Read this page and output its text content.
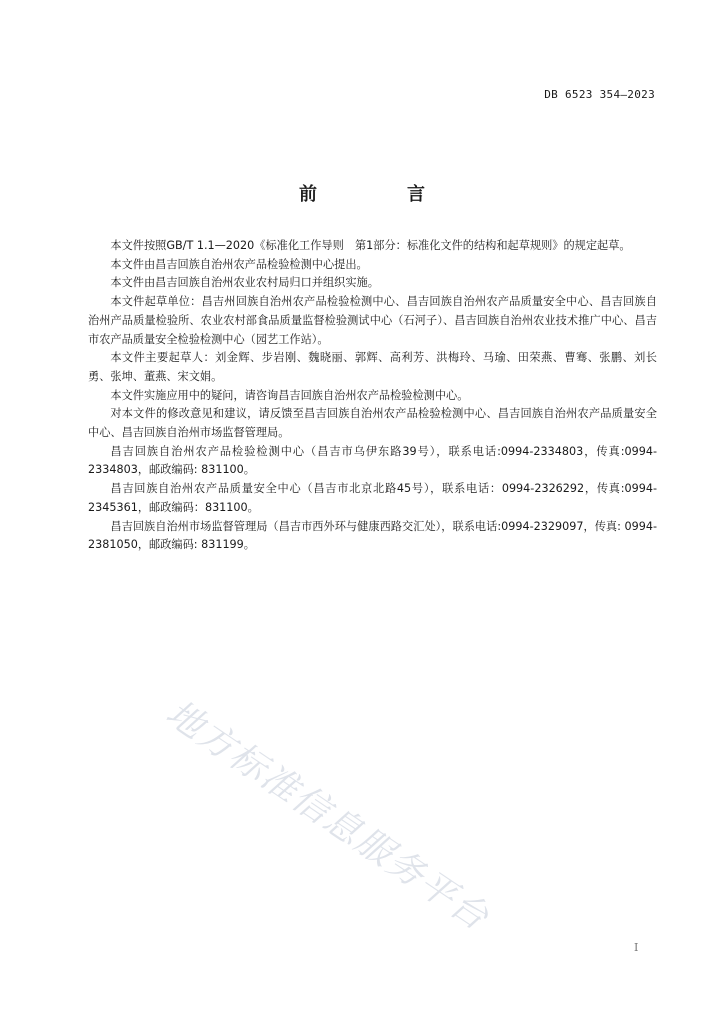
DB 6523 354—2023
前　言

本文件按照GB/T 1.1—2020《标准化工作导则　第1部分：标准化文件的结构和起草规则》的规定起草。

本文件由昌吉回族自治州农产品检验检测中心提出。

本文件由昌吉回族自治州农业农村局归口并组织实施。

本文件起草单位：昌吉州回族自治州农产品检验检测中心、昌吉回族自治州农产品质量安全中心、昌吉回族自治州产品质量检验所、农业农村部食品质量监督检验测试中心（石河子）、昌吉回族自治州农业技术推广中心、昌吉市农产品质量安全检验检测中心（园艺工作站）。

本文件主要起草人：刘金辉、步岩刚、魏晓丽、郭辉、高利芳、洪梅玲、马瑜、田荣燕、曹骞、张鹏、刘长勇、张坤、董燕、宋文娟。

本文件实施应用中的疑问，请咨询昌吉回族自治州农产品检验检测中心。

对本文件的修改意见和建议，请反馈至昌吉回族自治州农产品检验检测中心、昌吉回族自治州农产品质量安全中心、昌吉回族自治州市场监督管理局。

昌吉回族自治州农产品检验检测中心（昌吉市乌伊东路39号），联系电话:0994-2334803，传真:0994-2334803，邮政编码: 831100。

昌吉回族自治州农产品质量安全中心（昌吉市北京北路45号），联系电话：0994-2326292，传真:0994-2345361，邮政编码：831100。

昌吉回族自治州市场监督管理局（昌吉市西外环与健康西路交汇处），联系电话:0994-2329097，传真: 0994-2381050，邮政编码: 831199。

地方标准信息服务平台
I
